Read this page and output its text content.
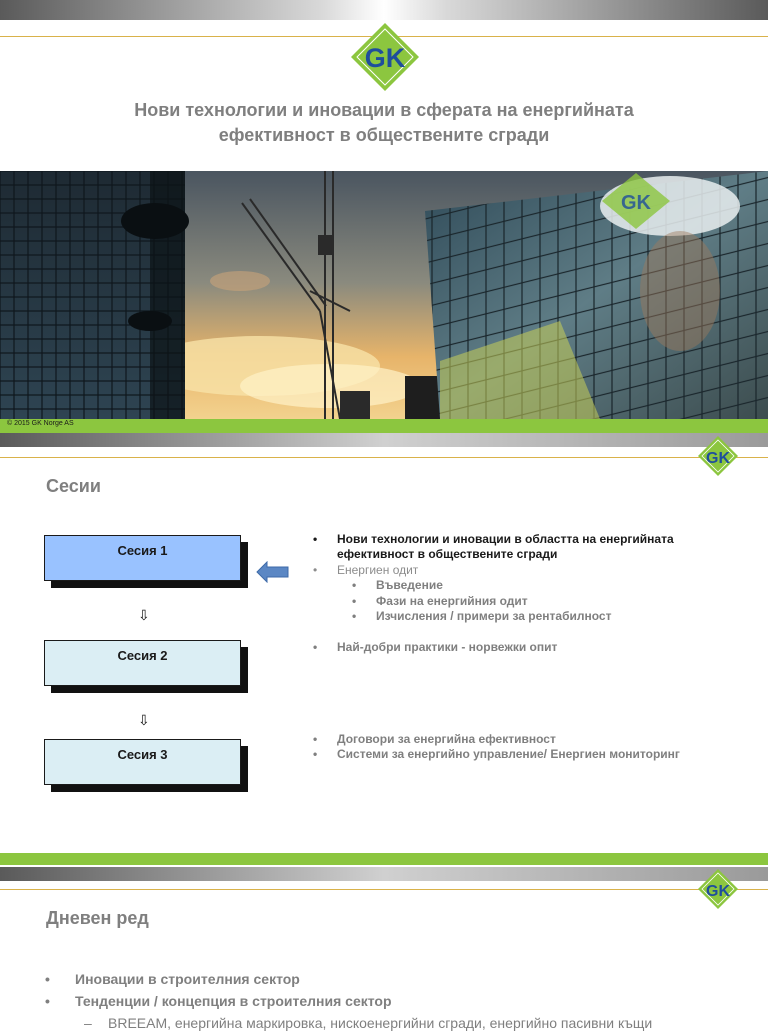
GK
Нови технологии и иновации в сферата на енергийната
ефективност в обществените сгради
GK
© 2015 GK Norge AS
GK
Сесии
Сесия 1
⇩
Сесия 2
⇩
Сесия 3
• Нови технологии и иновации в областта на енергийната
ефективност в обществените сгради
• Енергиен одит
• Въведение
• Фази на енергийния одит
• Изчисления / примери за рентабилност
• Най-добри практики - норвежки опит
• Договори за енергийна ефективност
• Системи за енергийно управление/ Енергиен мониторинг
GK
Дневен ред
• Иновации в строителния сектор
• Тенденции / концепция в строителния сектор
– BREEAM, енергийна маркировка, нискоенергийни сгради, енергийно пасивни къщи
